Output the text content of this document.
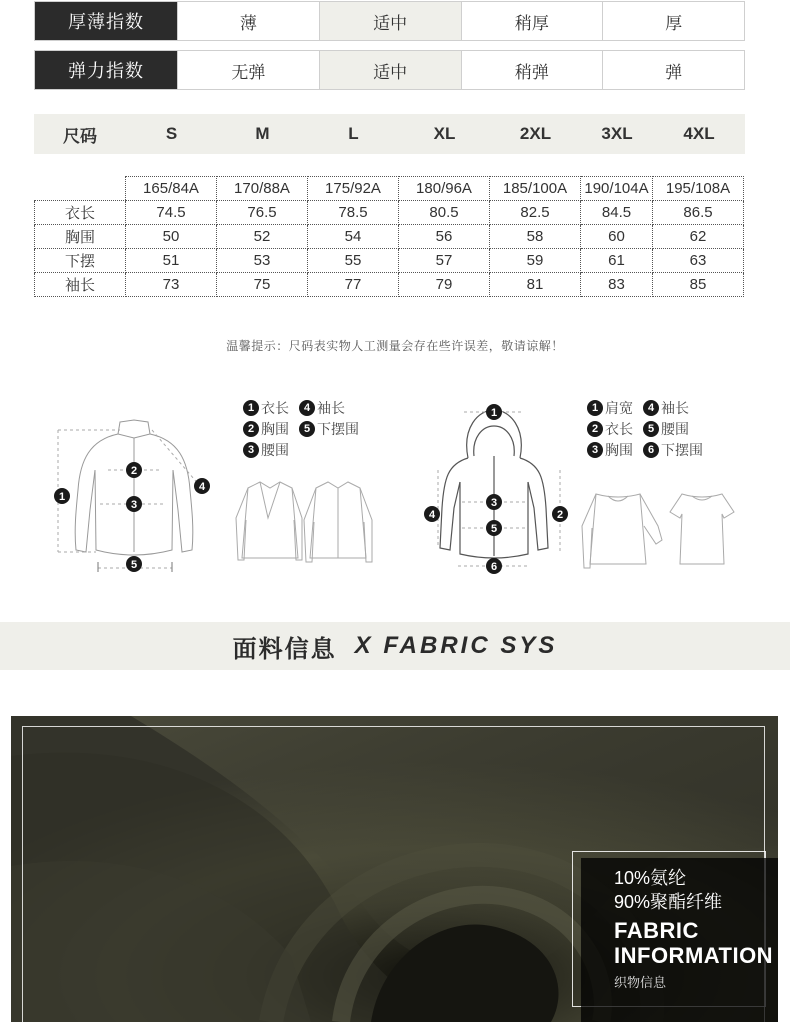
厚薄指数	薄	适中	稍厚	厚
弹力指数	无弹	适中	稍弹	弹
尺码	S	M	L	XL	2XL	3XL	4XL
	165/84A	170/88A	175/92A	180/96A	185/100A	190/104A	195/108A
衣长	74.5	76.5	78.5	80.5	82.5	84.5	86.5
胸围	50	52	54	56	58	60	62
下摆	51	53	55	57	59	61	63
袖长	73	75	77	79	81	83	85
温馨提示：尺码表实物人工测量会存在些许误差，敬请谅解！
1
2
3
4
5
1 衣长	4 袖长
2 胸围	5 下摆围
3 腰围
1
2
3
4
5
6
1 肩宽	4 袖长
2 衣长	5 腰围
3 胸围	6 下摆围
面料信息 X FABRIC SYS
10%氨纶
90%聚酯纤维
FABRIC
INFORMATION
织物信息
